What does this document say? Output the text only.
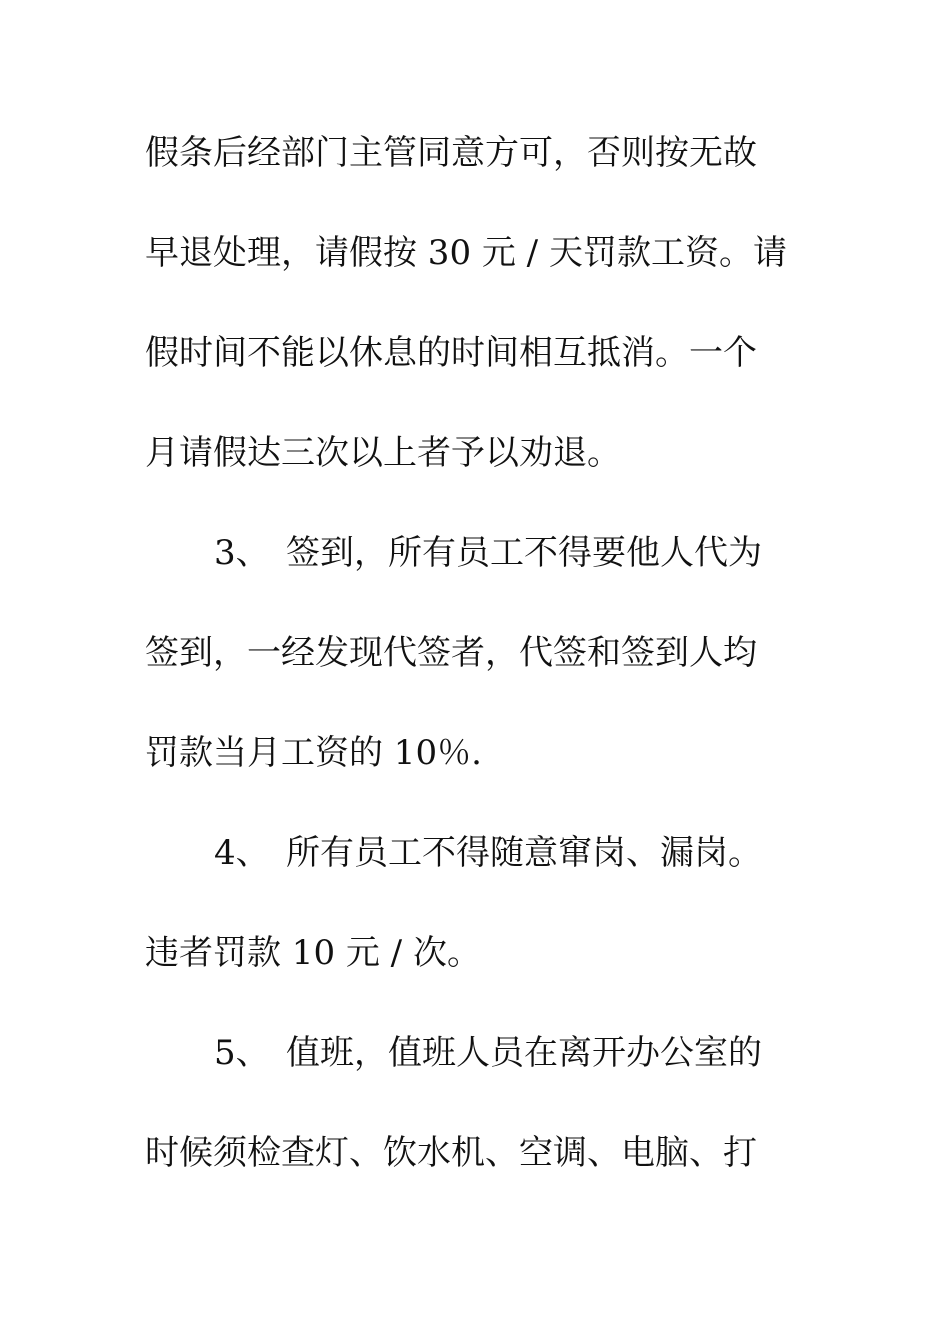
假条后经部门主管同意方可，否则按无故
早退处理，请假按 30 元 / 天罚款工资。请
假时间不能以休息的时间相互抵消。一个
月请假达三次以上者予以劝退。
3、 签到，所有员工不得要他人代为
签到，一经发现代签者，代签和签到人均
罚款当月工资的 10％.
4、 所有员工不得随意窜岗、漏岗。
违者罚款 10 元 / 次。
5、 值班，值班人员在离开办公室的
时候须检查灯、饮水机、空调、电脑、打
